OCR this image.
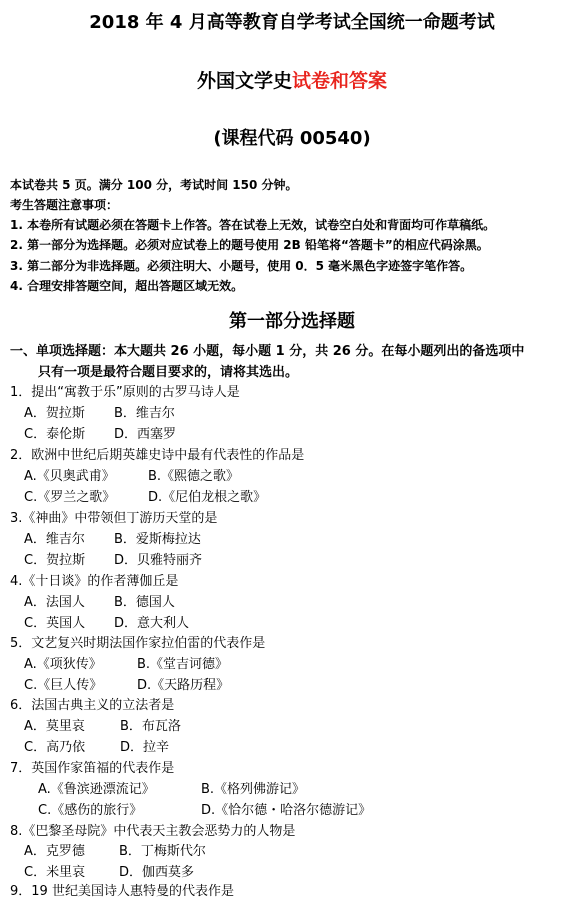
2018 年 4 月高等教育自学考试全国统一命题考试
外国文学史试卷和答案
(课程代码 00540)
本试卷共 5 页。满分 100 分，考试时间 150 分钟。
考生答题注意事项：
1. 本卷所有试题必须在答题卡上作答。答在试卷上无效，试卷空白处和背面均可作草稿纸。
2. 第一部分为选择题。必须对应试卷上的题号使用 2B 铅笔将“答题卡”的相应代码涂黑。
3. 第二部分为非选择题。必须注明大、小题号，使用 0．5 毫米黑色字迹签字笔作答。
4. 合理安排答题空间，超出答题区域无效。
第一部分选择题
一、单项选择题：本大题共 26 小题，每小题 1 分，共 26 分。在每小题列出的备选项中
只有一项是最符合题目要求的，请将其选出。
1．提出“寓教于乐”原则的古罗马诗人是
A．贺拉斯 B．维吉尔
C．泰伦斯 D．西塞罗
2．欧洲中世纪后期英雄史诗中最有代表性的作品是
A.《贝奥武甫》	B.《熙德之歌》
C.《罗兰之歌》	D.《尼伯龙根之歌》
3.《神曲》中带领但丁游历天堂的是
A．维吉尔 B．爱斯梅拉达
C．贺拉斯 D．贝雅特丽齐
4.《十日谈》的作者薄伽丘是
A．法国人 B．德国人
C．英国人 D．意大利人
5．文艺复兴时期法国作家拉伯雷的代表作是
A.《项狄传》	B.《堂吉诃德》
C.《巨人传》	D.《天路历程》
6．法国古典主义的立法者是
A．莫里哀	B．布瓦洛
C．高乃依	D．拉辛
7．英国作家笛福的代表作是
A.《鲁滨逊漂流记》	B.《格列佛游记》
C.《感伤的旅行》	D.《恰尔德・哈洛尔德游记》
8.《巴黎圣母院》中代表天主教会恶势力的人物是
A．克罗德	B．丁梅斯代尔
C．米里哀	D．伽西莫多
9．19 世纪美国诗人惠特曼的代表作是
